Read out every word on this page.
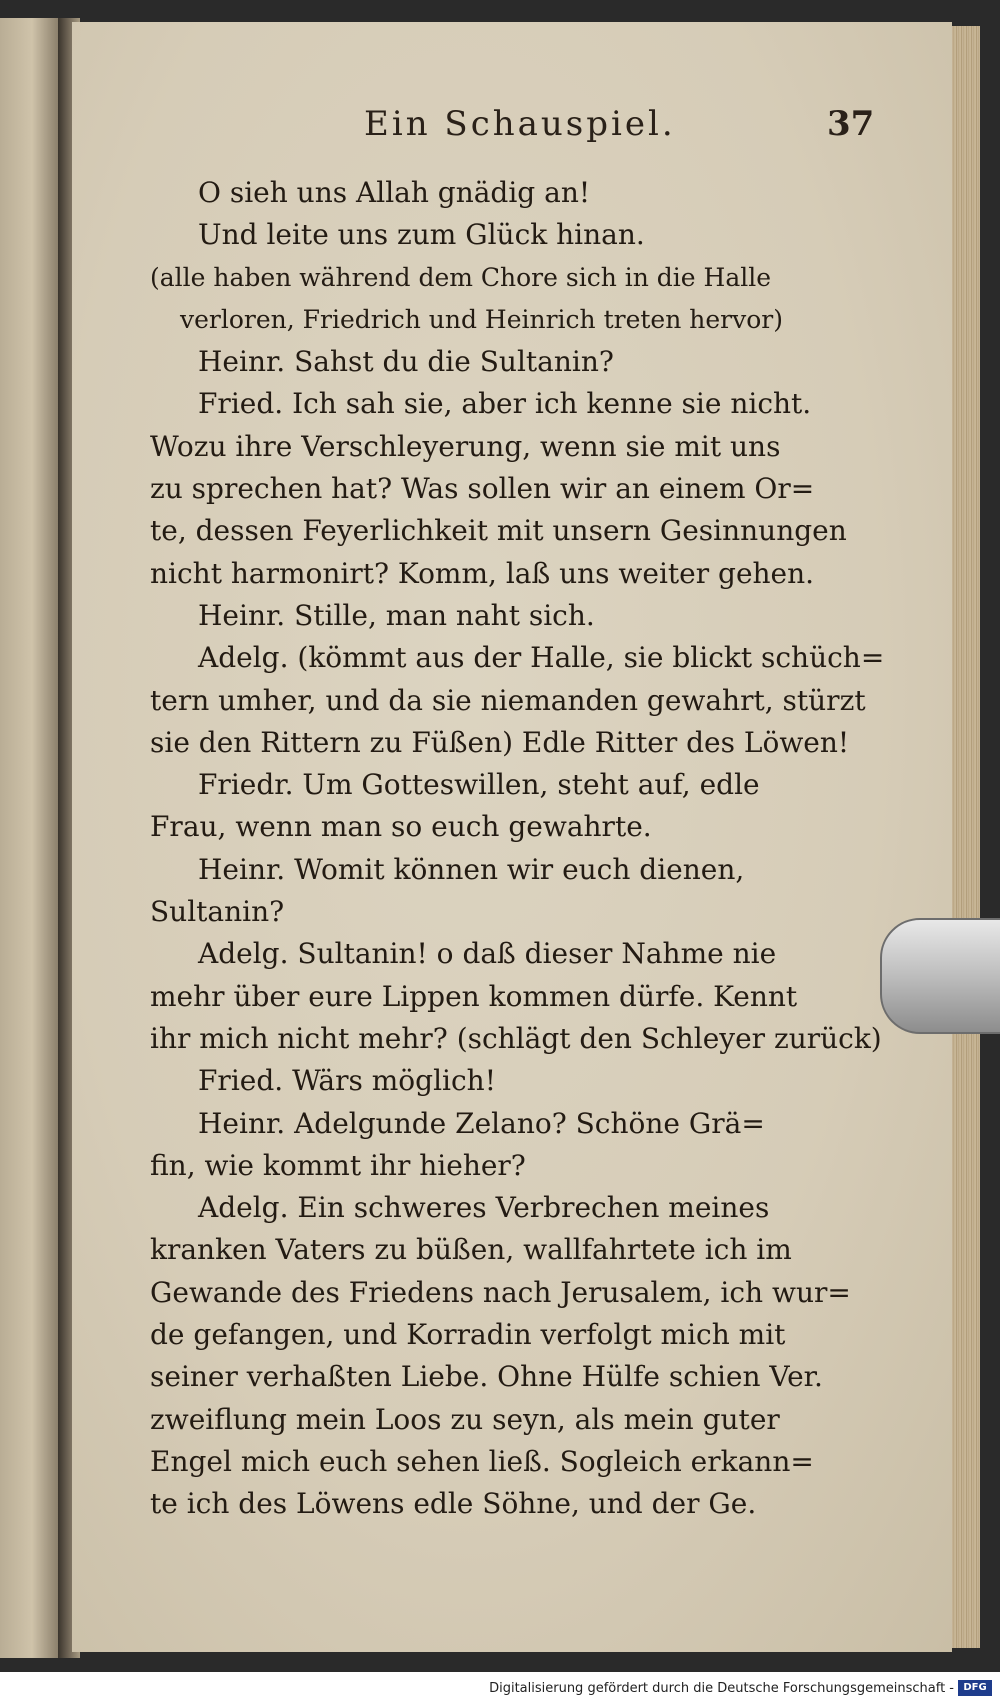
Ein Schauspiel.	37
O sieh uns Allah gnädig an!
Und leite uns zum Glück hinan.
(alle haben während dem Chore sich in die Halle
verloren, Friedrich und Heinrich treten hervor)
Heinr. Sahst du die Sultanin?
Fried. Ich sah sie, aber ich kenne sie nicht.
Wozu ihre Verschleyerung, wenn sie mit uns
zu sprechen hat? Was sollen wir an einem Or=
te, dessen Feyerlichkeit mit unsern Gesinnungen
nicht harmonirt? Komm, laß uns weiter gehen.
Heinr. Stille, man naht sich.
Adelg. (kömmt aus der Halle, sie blickt schüch=
tern umher, und da sie niemanden gewahrt, stürzt
sie den Rittern zu Füßen) Edle Ritter des Löwen!
Friedr. Um Gotteswillen, steht auf, edle
Frau, wenn man so euch gewahrte.
Heinr. Womit können wir euch dienen,
Sultanin?
Adelg. Sultanin! o daß dieser Nahme nie
mehr über eure Lippen kommen dürfe. Kennt
ihr mich nicht mehr? (schlägt den Schleyer zurück)
Fried. Wärs möglich!
Heinr. Adelgunde Zelano? Schöne Grä=
fin, wie kommt ihr hieher?
Adelg. Ein schweres Verbrechen meines
kranken Vaters zu büßen, wallfahrtete ich im
Gewande des Friedens nach Jerusalem, ich wur=
de gefangen, und Korradin verfolgt mich mit
seiner verhaßten Liebe. Ohne Hülfe schien Ver.
zweiflung mein Loos zu seyn, als mein guter
Engel mich euch sehen ließ. Sogleich erkann=
te ich des Löwens edle Söhne, und der Ge.
Digitalisierung gefördert durch die Deutsche Forschungsgemeinschaft - DFG
